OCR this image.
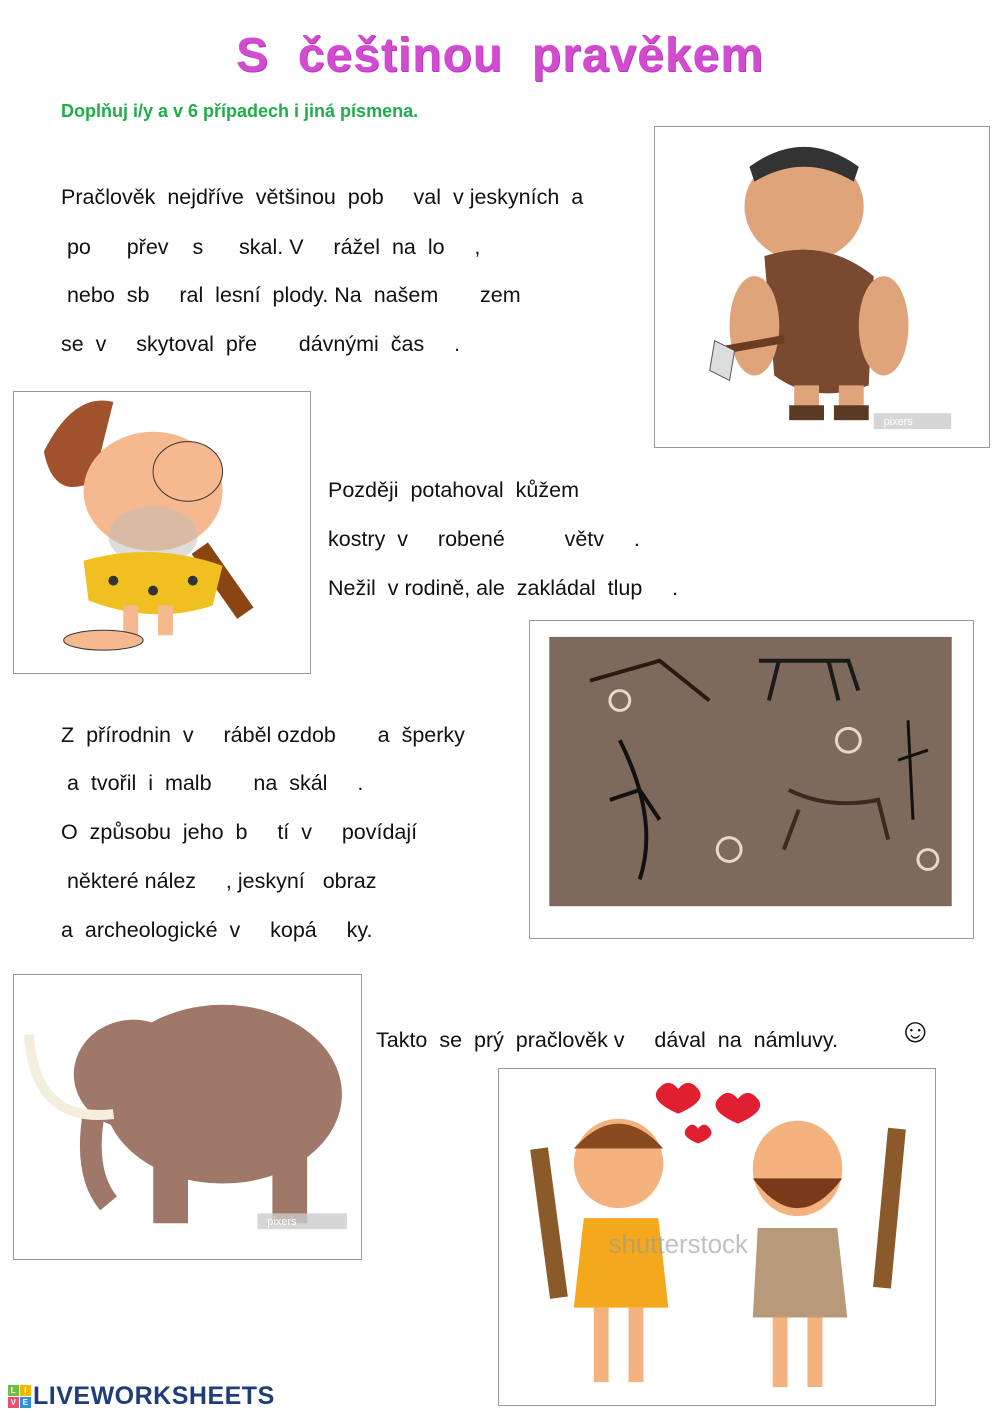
S  češtinou  pravěkem
Doplňuj i/y a v 6 případech i jiná písmena.
Pračlověk  nejdříve  většinou  pob     val  v jeskyních  a
po      přev    s      skal. V     rážel  na  lo     ,
nebo  sb     ral  lesní  plody. Na  našem       zem
se  v     skytoval  pře       dávnými  čas     .
pixers
Později  potahoval  kůžem
kostry  v     robené          větv     .
Nežil  v rodině, ale  zakládal  tlup     .
Z  přírodnin  v     ráběl ozdob       a  šperky
a  tvořil  i  malb       na  skál     .
O  způsobu  jeho  b     tí  v     povídají
některé nález     , jeskyní   obraz
a  archeologické  v     kopá     ky.
pixers
Takto  se  prý  pračlověk v     dával  na  námluvy. ☺
shutterstock
L I
V E LIVEWORKSHEETS
